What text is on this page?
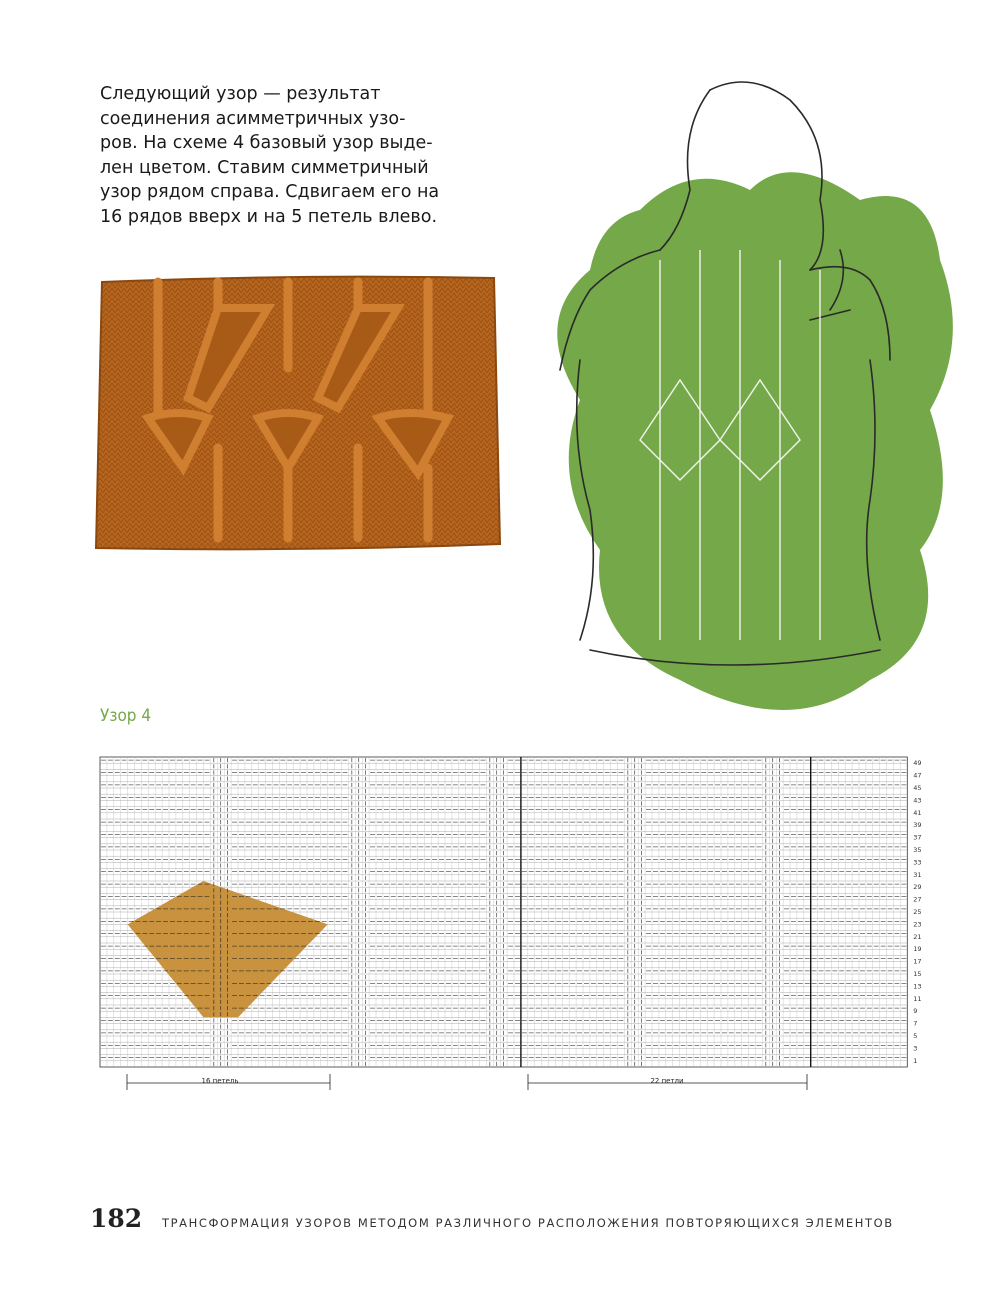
Следующий узор — результат
соединения асимметричных узо-
ров. На схеме 4 базовый узор выде-
лен цветом. Ставим симметричный
узор рядом справа. Сдвигаем его на
16 рядов вверх и на 5 петель влево.

Узор 4
49
47
45
43
41
39
37
35
33
31
29
27
25
23
21
19
17
15
13
11
9
7
5
3
1
16 петель	22 петли
182 ТРАНСФОРМАЦИЯ УЗОРОВ МЕТОДОМ РАЗЛИЧНОГО РАСПОЛОЖЕНИЯ ПОВТОРЯЮЩИХСЯ ЭЛЕМЕНТОВ
